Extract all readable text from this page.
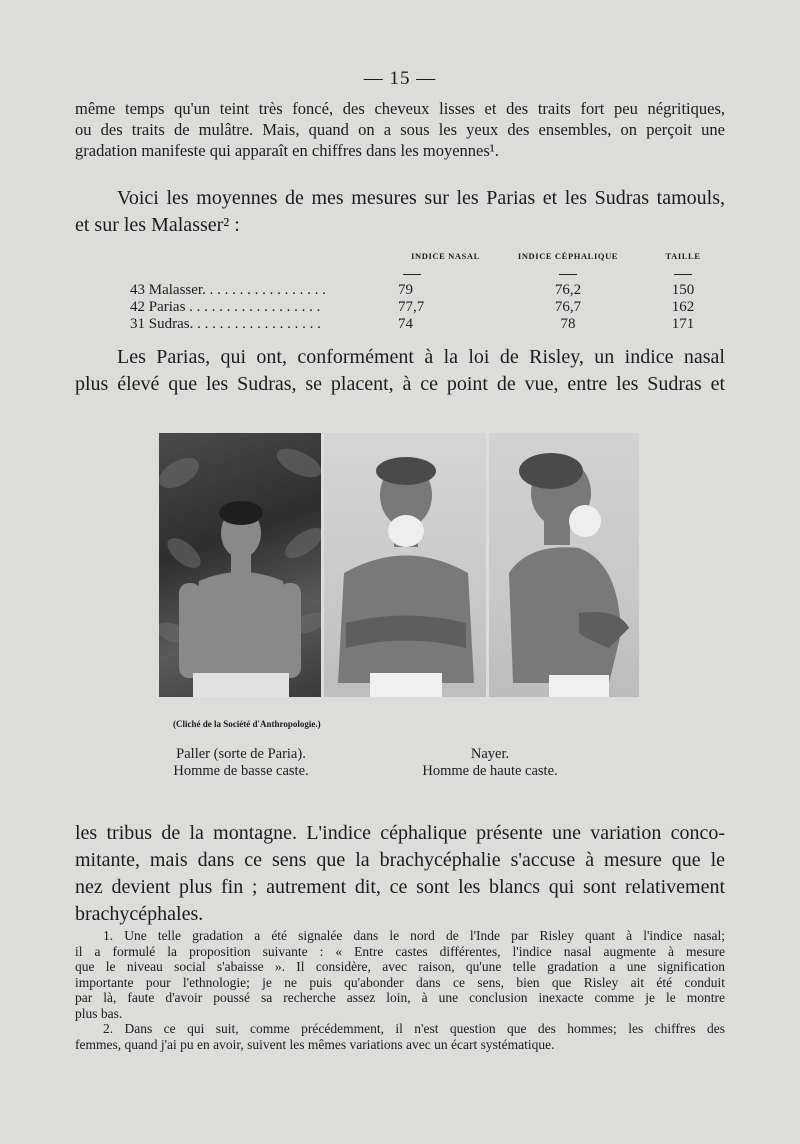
— 15 —
même temps qu'un teint très foncé, des cheveux lisses et des traits fort peu négritiques,
ou des traits de mulâtre. Mais, quand on a sous les yeux des ensembles, on perçoit une
gradation manifeste qui apparaît en chiffres dans les moyennes¹.
Voici les moyennes de mes mesures sur les Parias et les Sudras tamouls,
et sur les Malasser² :
	INDICE NASAL	INDICE CÉPHALIQUE	TAILLE

43 Malasser. . . . . . . . . . . . . . . . .	79	76,2	150
42 Parias . . . . . . . . . . . . . . . . . .	77,7	76,7	162
31 Sudras. . . . . . . . . . . . . . . . . .	74	78	171
Les Parias, qui ont, conformément à la loi de Risley, un indice nasal
plus élevé que les Sudras, se placent, à ce point de vue, entre les Sudras et
(Cliché de la Société d'Anthropologie.)
Paller (sorte de Paria).
Homme de basse caste.
Nayer.
Homme de haute caste.
les tribus de la montagne. L'indice céphalique présente une variation conco-
mitante, mais dans ce sens que la brachycéphalie s'accuse à mesure que le
nez devient plus fin ; autrement dit, ce sont les blancs qui sont relativement
brachycéphales.
1. Une telle gradation a été signalée dans le nord de l'Inde par Risley quant à l'indice nasal;
il a formulé la proposition suivante : « Entre castes différentes, l'indice nasal augmente à mesure
que le niveau social s'abaisse ». Il considère, avec raison, qu'une telle gradation a une signification
importante pour l'ethnologie; je ne puis qu'abonder dans ce sens, bien que Risley ait été conduit
par là, faute d'avoir poussé sa recherche assez loin, à une conclusion inexacte comme je le montre
plus bas.
2. Dans ce qui suit, comme précédemment, il n'est question que des hommes; les chiffres des
femmes, quand j'ai pu en avoir, suivent les mêmes variations avec un écart systématique.
